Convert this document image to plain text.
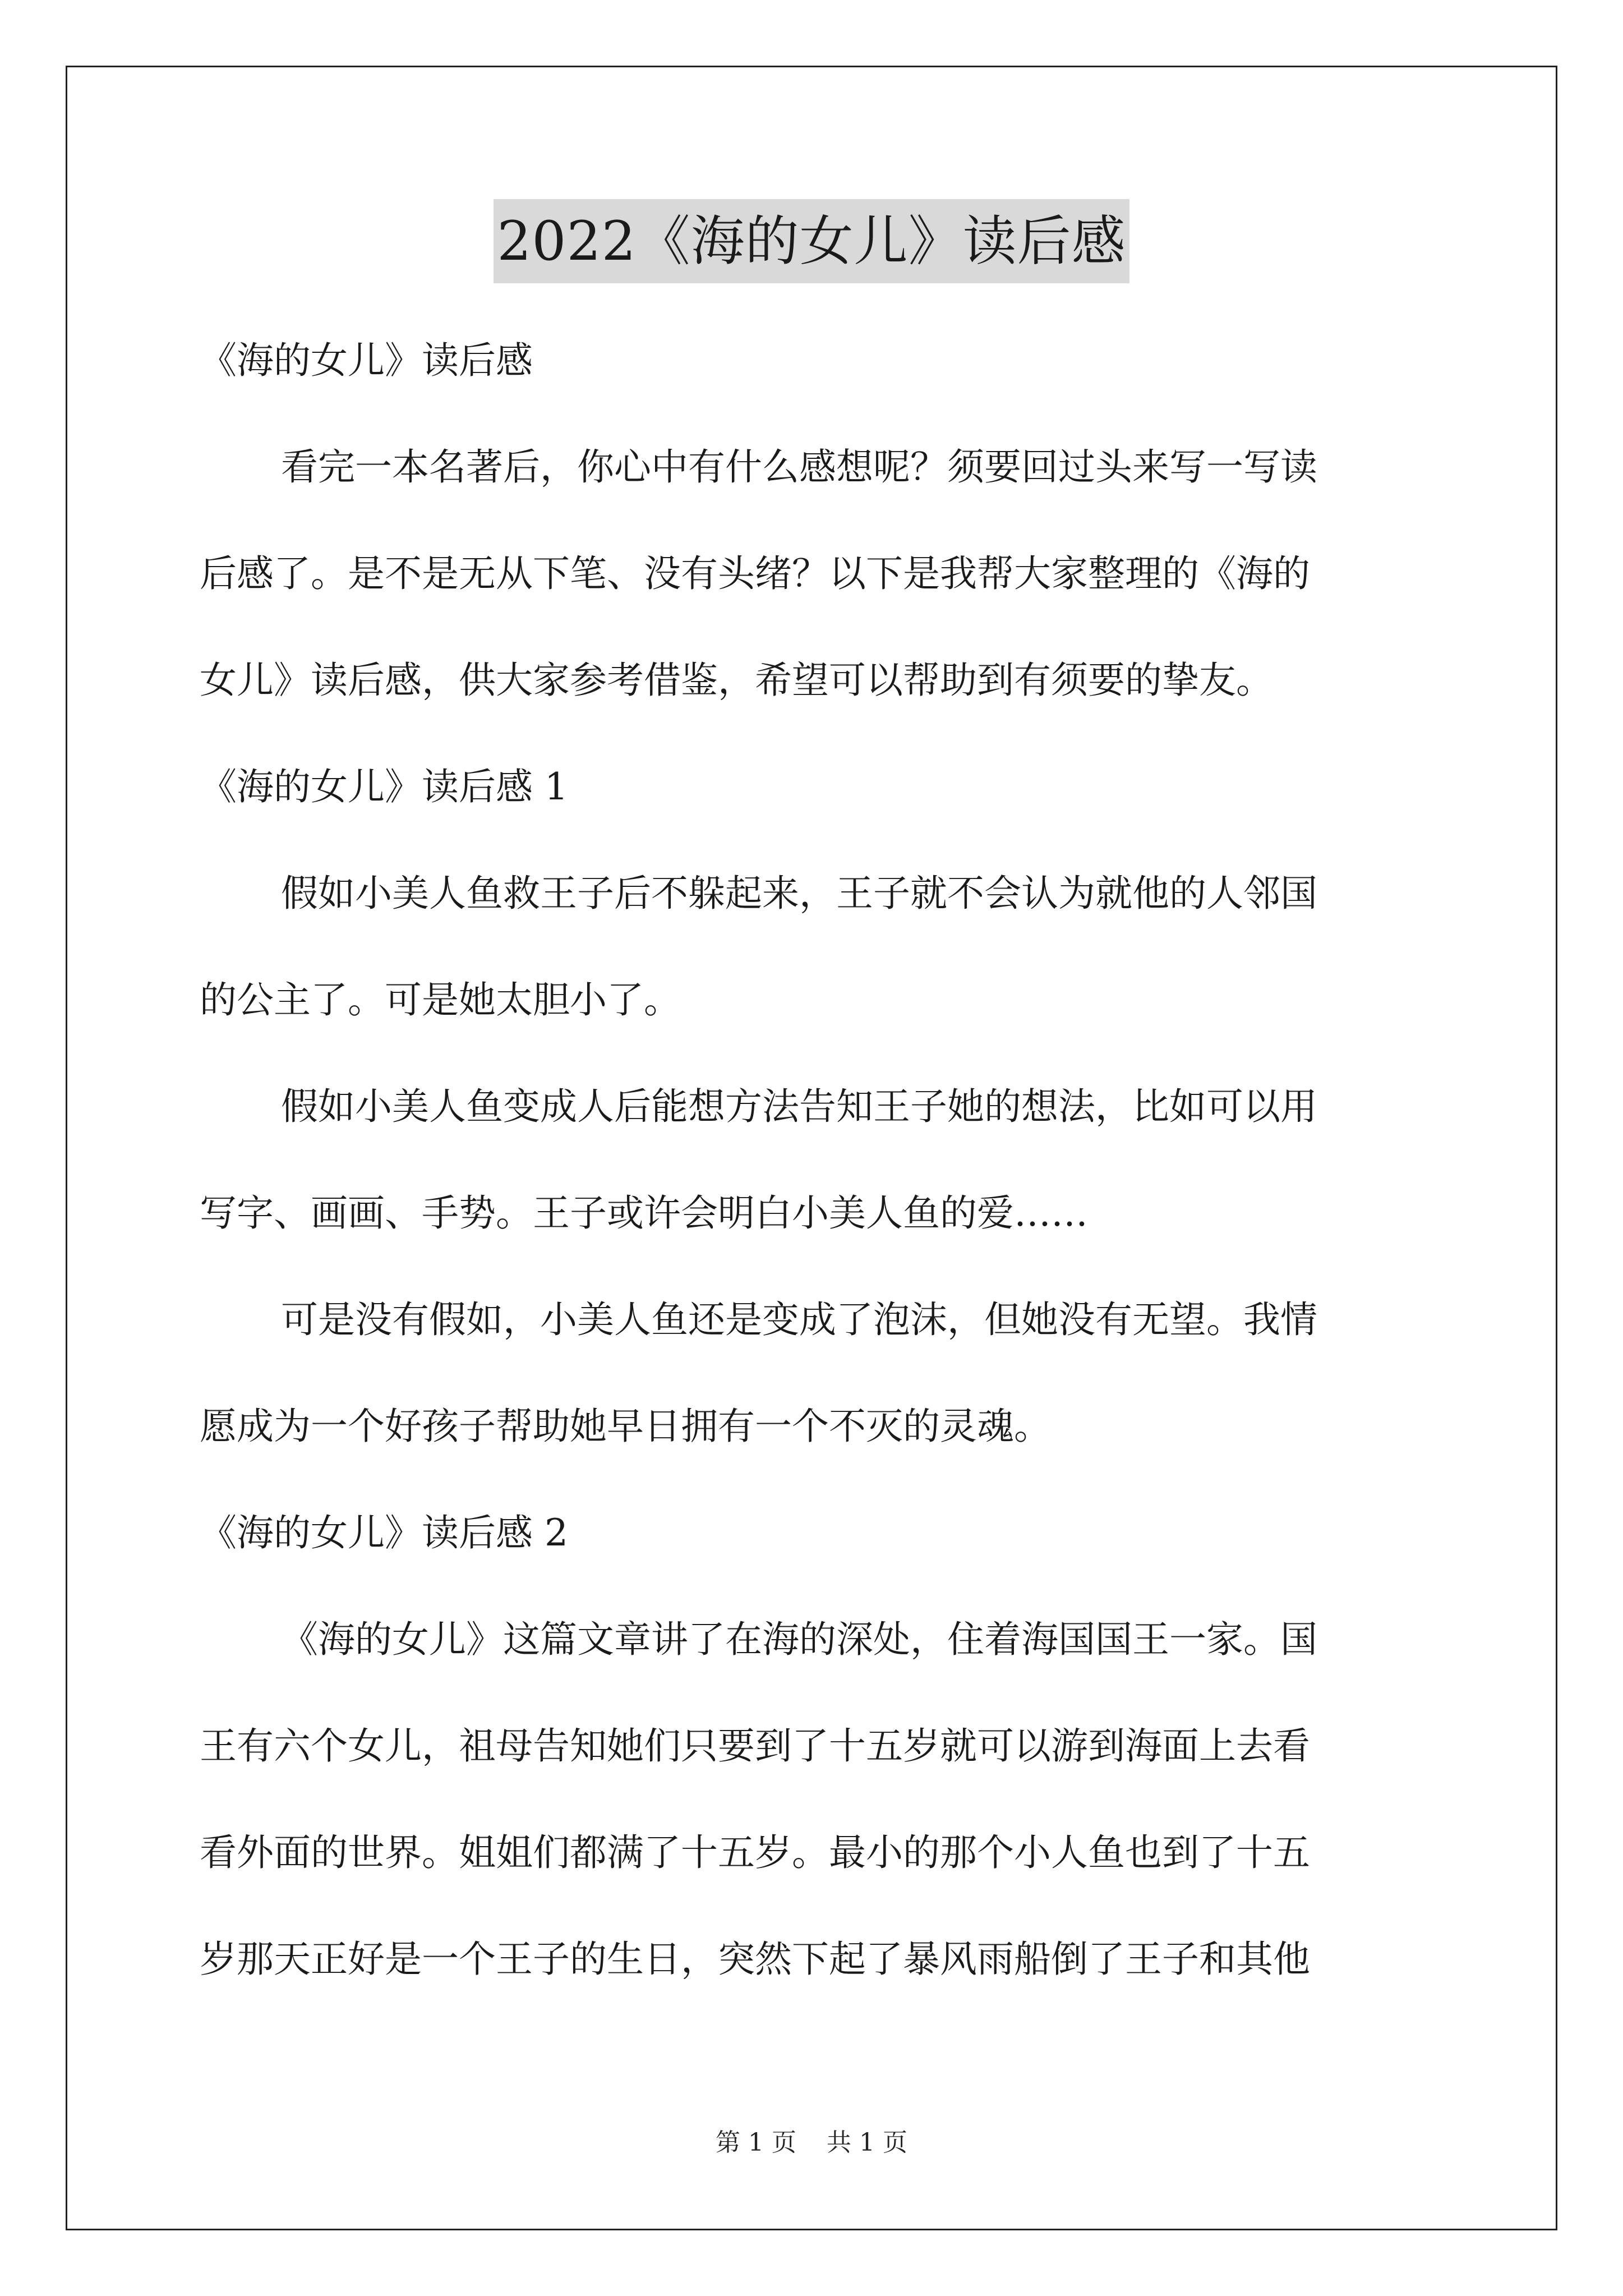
2022《海的女儿》读后感
《海的女儿》读后感
看完一本名著后，你心中有什么感想呢？须要回过头来写一写读
后感了。是不是无从下笔、没有头绪？以下是我帮大家整理的《海的
女儿》读后感，供大家参考借鉴，希望可以帮助到有须要的挚友。
《海的女儿》读后感 1
假如小美人鱼救王子后不躲起来，王子就不会认为就他的人邻国
的公主了。可是她太胆小了。
假如小美人鱼变成人后能想方法告知王子她的想法，比如可以用
写字、画画、手势。王子或许会明白小美人鱼的爱……
可是没有假如，小美人鱼还是变成了泡沫，但她没有无望。我情
愿成为一个好孩子帮助她早日拥有一个不灭的灵魂。
《海的女儿》读后感 2
《海的女儿》这篇文章讲了在海的深处，住着海国国王一家。国
王有六个女儿，祖母告知她们只要到了十五岁就可以游到海面上去看
看外面的世界。姐姐们都满了十五岁。最小的那个小人鱼也到了十五
岁那天正好是一个王子的生日，突然下起了暴风雨船倒了王子和其他
第 1 页 共 1 页
